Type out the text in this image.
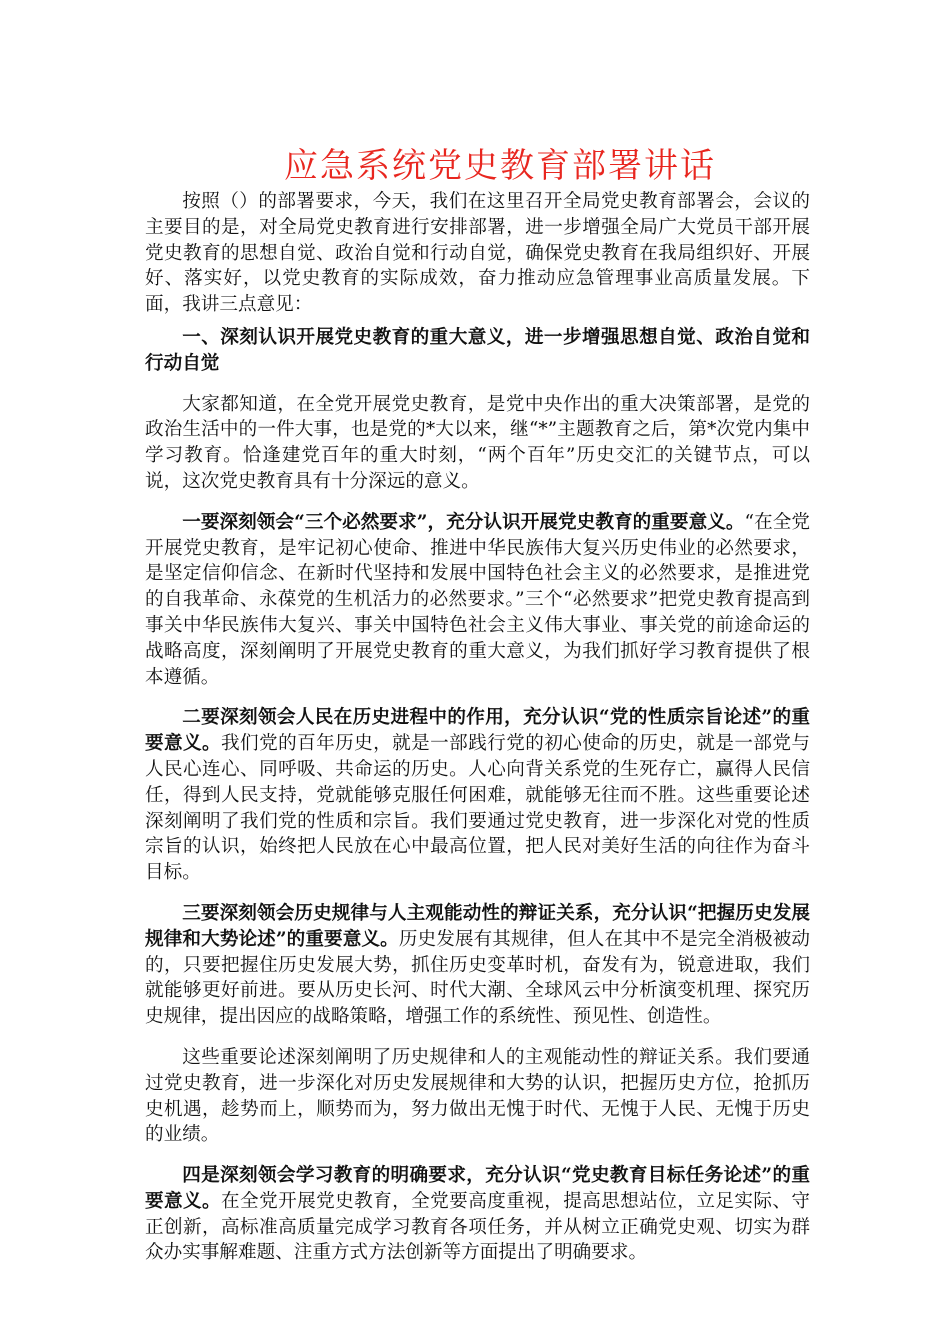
应急系统党史教育部署讲话

按照（）的部署要求，今天，我们在这里召开全局党史教育部署会，会议的主要目的是，对全局党史教育进行安排部署，进一步增强全局广大党员干部开展党史教育的思想自觉、政治自觉和行动自觉，确保党史教育在我局组织好、开展好、落实好，以党史教育的实际成效，奋力推动应急管理事业高质量发展。下面，我讲三点意见：

一、深刻认识开展党史教育的重大意义，进一步增强思想自觉、政治自觉和行动自觉

大家都知道，在全党开展党史教育，是党中央作出的重大决策部署，是党的政治生活中的一件大事，也是党的*大以来，继“*”主题教育之后，第*次党内集中学习教育。恰逢建党百年的重大时刻，“两个百年”历史交汇的关键节点，可以说，这次党史教育具有十分深远的意义。

一要深刻领会“三个必然要求”，充分认识开展党史教育的重要意义。“在全党开展党史教育，是牢记初心使命、推进中华民族伟大复兴历史伟业的必然要求，是坚定信仰信念、在新时代坚持和发展中国特色社会主义的必然要求，是推进党的自我革命、永葆党的生机活力的必然要求。”三个“必然要求”把党史教育提高到事关中华民族伟大复兴、事关中国特色社会主义伟大事业、事关党的前途命运的战略高度，深刻阐明了开展党史教育的重大意义，为我们抓好学习教育提供了根本遵循。

二要深刻领会人民在历史进程中的作用，充分认识“党的性质宗旨论述”的重要意义。我们党的百年历史，就是一部践行党的初心使命的历史，就是一部党与人民心连心、同呼吸、共命运的历史。人心向背关系党的生死存亡，赢得人民信任，得到人民支持，党就能够克服任何困难，就能够无往而不胜。这些重要论述深刻阐明了我们党的性质和宗旨。我们要通过党史教育，进一步深化对党的性质宗旨的认识，始终把人民放在心中最高位置，把人民对美好生活的向往作为奋斗目标。

三要深刻领会历史规律与人主观能动性的辩证关系，充分认识“把握历史发展规律和大势论述”的重要意义。历史发展有其规律，但人在其中不是完全消极被动的，只要把握住历史发展大势，抓住历史变革时机，奋发有为，锐意进取，我们就能够更好前进。要从历史长河、时代大潮、全球风云中分析演变机理、探究历史规律，提出因应的战略策略，增强工作的系统性、预见性、创造性。

这些重要论述深刻阐明了历史规律和人的主观能动性的辩证关系。我们要通过党史教育，进一步深化对历史发展规律和大势的认识，把握历史方位，抢抓历史机遇，趁势而上，顺势而为，努力做出无愧于时代、无愧于人民、无愧于历史的业绩。

四是深刻领会学习教育的明确要求，充分认识“党史教育目标任务论述”的重要意义。在全党开展党史教育，全党要高度重视，提高思想站位，立足实际、守正创新，高标准高质量完成学习教育各项任务，并从树立正确党史观、切实为群众办实事解难题、注重方式方法创新等方面提出了明确要求。
